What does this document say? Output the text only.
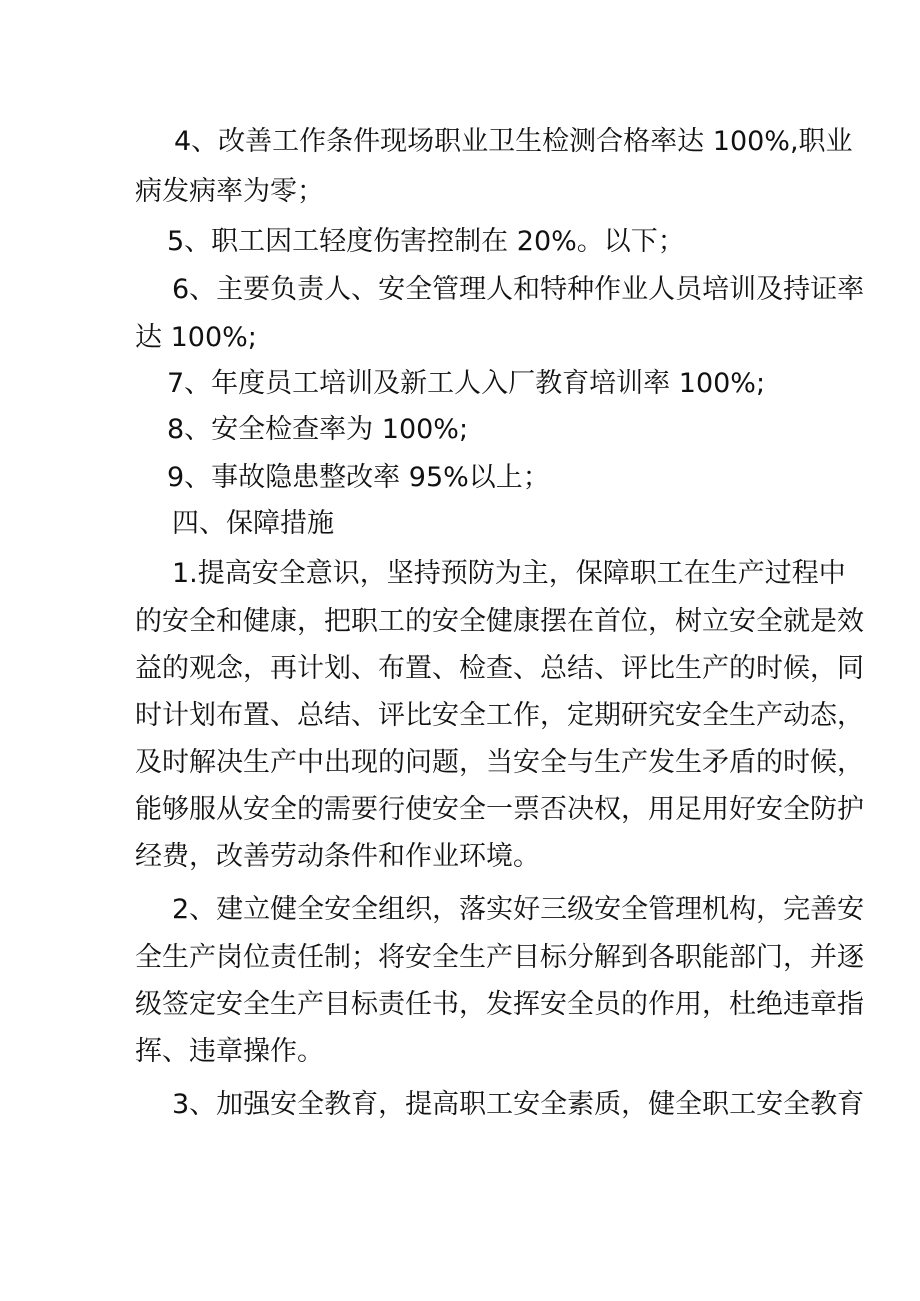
4、改善工作条件现场职业卫生检测合格率达 100%,职业
病发病率为零；
5、职工因工轻度伤害控制在 20%。以下；
6、主要负责人、安全管理人和特种作业人员培训及持证率
达 100%;
7、年度员工培训及新工人入厂教育培训率 100%;
8、安全检查率为 100%;
9、事故隐患整改率 95%以上；
四、保障措施
1.提高安全意识，坚持预防为主，保障职工在生产过程中
的安全和健康，把职工的安全健康摆在首位，树立安全就是效
益的观念，再计划、布置、检查、总结、评比生产的时候，同
时计划布置、总结、评比安全工作，定期研究安全生产动态，
及时解决生产中出现的问题，当安全与生产发生矛盾的时候，
能够服从安全的需要行使安全一票否决权，用足用好安全防护
经费，改善劳动条件和作业环境。
2、建立健全安全组织，落实好三级安全管理机构，完善安
全生产岗位责任制；将安全生产目标分解到各职能部门，并逐
级签定安全生产目标责任书，发挥安全员的作用，杜绝违章指
挥、违章操作。
3、加强安全教育，提高职工安全素质，健全职工安全教育
